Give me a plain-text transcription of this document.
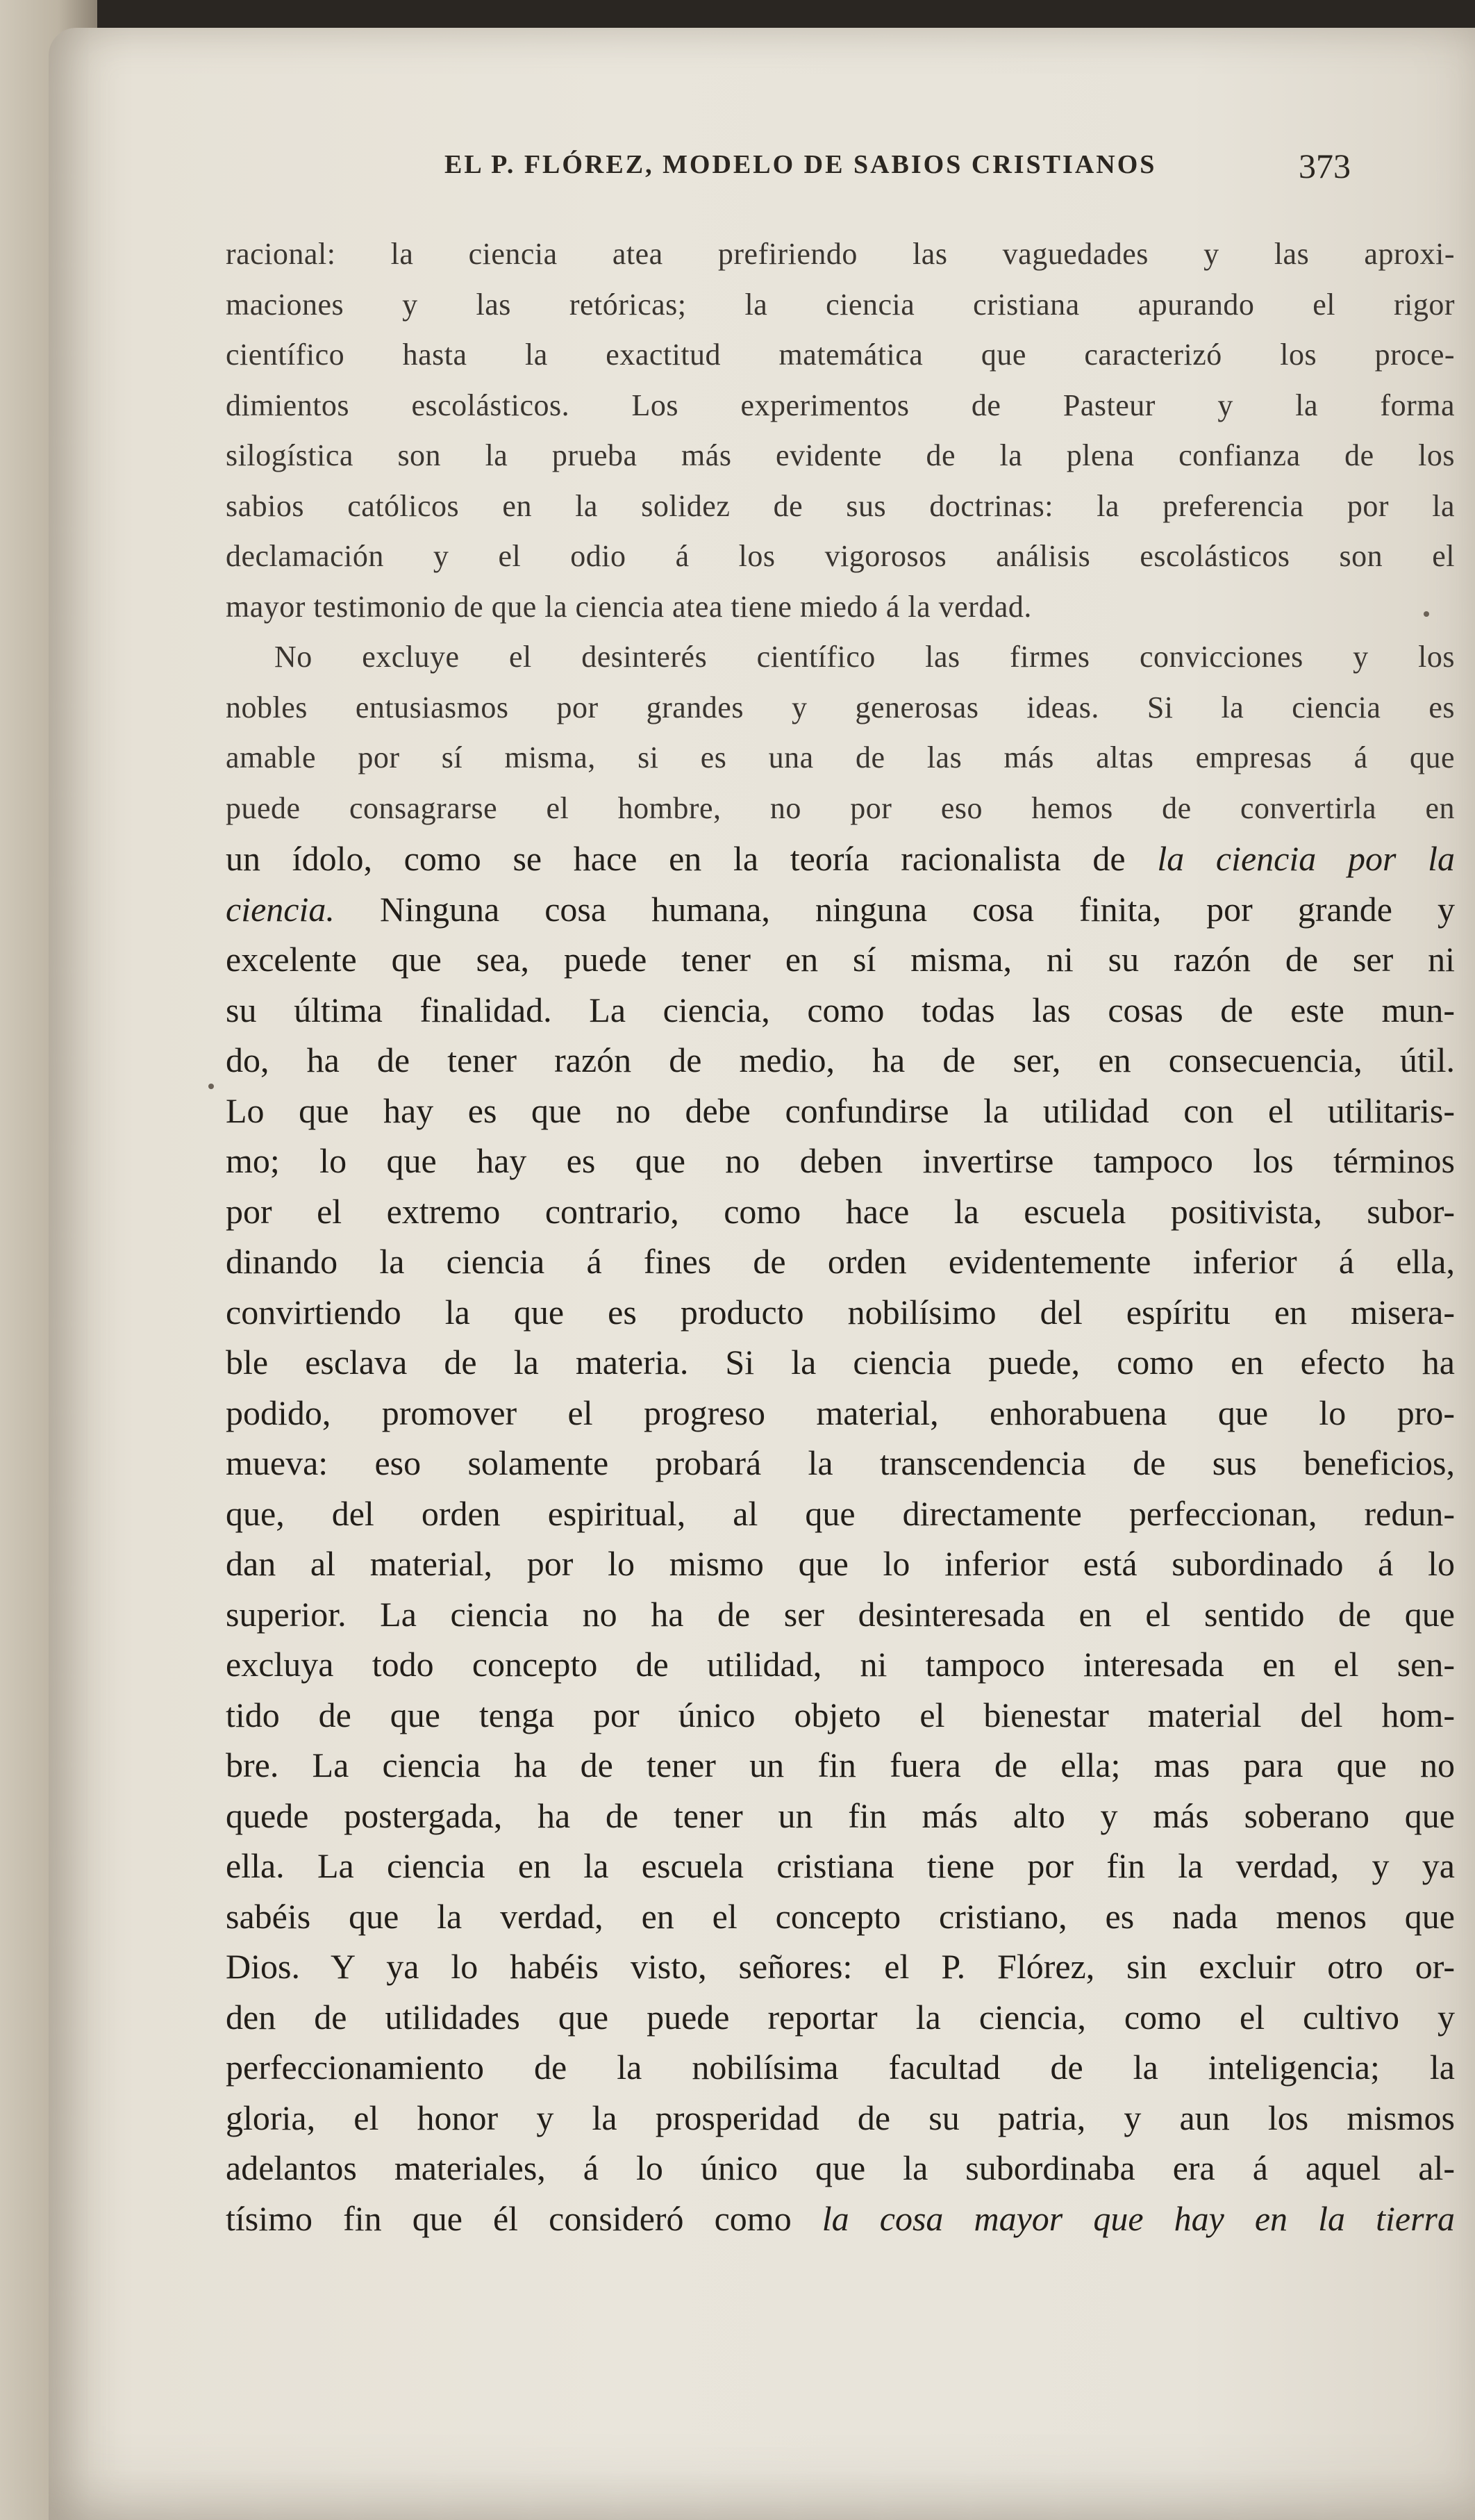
EL P. FLÓREZ, MODELO DE SABIOS CRISTIANOS	373
racional: la ciencia atea prefiriendo las vaguedades y las aproxi-
maciones y las retóricas; la ciencia cristiana apurando el rigor
científico hasta la exactitud matemática que caracterizó los proce-
dimientos escolásticos. Los experimentos de Pasteur y la forma
silogística son la prueba más evidente de la plena confianza de los
sabios católicos en la solidez de sus doctrinas: la preferencia por la
declamación y el odio á los vigorosos análisis escolásticos son el
mayor testimonio de que la ciencia atea tiene miedo á la verdad.
No excluye el desinterés científico las firmes convicciones y los
nobles entusiasmos por grandes y generosas ideas. Si la ciencia es
amable por sí misma, si es una de las más altas empresas á que
puede consagrarse el hombre, no por eso hemos de convertirla en
un ídolo, como se hace en la teoría racionalista de la ciencia por la
ciencia. Ninguna cosa humana, ninguna cosa finita, por grande y
excelente que sea, puede tener en sí misma, ni su razón de ser ni
su última finalidad. La ciencia, como todas las cosas de este mun-
do, ha de tener razón de medio, ha de ser, en consecuencia, útil.
Lo que hay es que no debe confundirse la utilidad con el utilitaris-
mo; lo que hay es que no deben invertirse tampoco los términos
por el extremo contrario, como hace la escuela positivista, subor-
dinando la ciencia á fines de orden evidentemente inferior á ella,
convirtiendo la que es producto nobilísimo del espíritu en misera-
ble esclava de la materia. Si la ciencia puede, como en efecto ha
podido, promover el progreso material, enhorabuena que lo pro-
mueva: eso solamente probará la transcendencia de sus beneficios,
que, del orden espiritual, al que directamente perfeccionan, redun-
dan al material, por lo mismo que lo inferior está subordinado á lo
superior. La ciencia no ha de ser desinteresada en el sentido de que
excluya todo concepto de utilidad, ni tampoco interesada en el sen-
tido de que tenga por único objeto el bienestar material del hom-
bre. La ciencia ha de tener un fin fuera de ella; mas para que no
quede postergada, ha de tener un fin más alto y más soberano que
ella. La ciencia en la escuela cristiana tiene por fin la verdad, y ya
sabéis que la verdad, en el concepto cristiano, es nada menos que
Dios. Y ya lo habéis visto, señores: el P. Flórez, sin excluir otro or-
den de utilidades que puede reportar la ciencia, como el cultivo y
perfeccionamiento de la nobilísima facultad de la inteligencia; la
gloria, el honor y la prosperidad de su patria, y aun los mismos
adelantos materiales, á lo único que la subordinaba era á aquel al-
tísimo fin que él consideró como la cosa mayor que hay en la tierra
